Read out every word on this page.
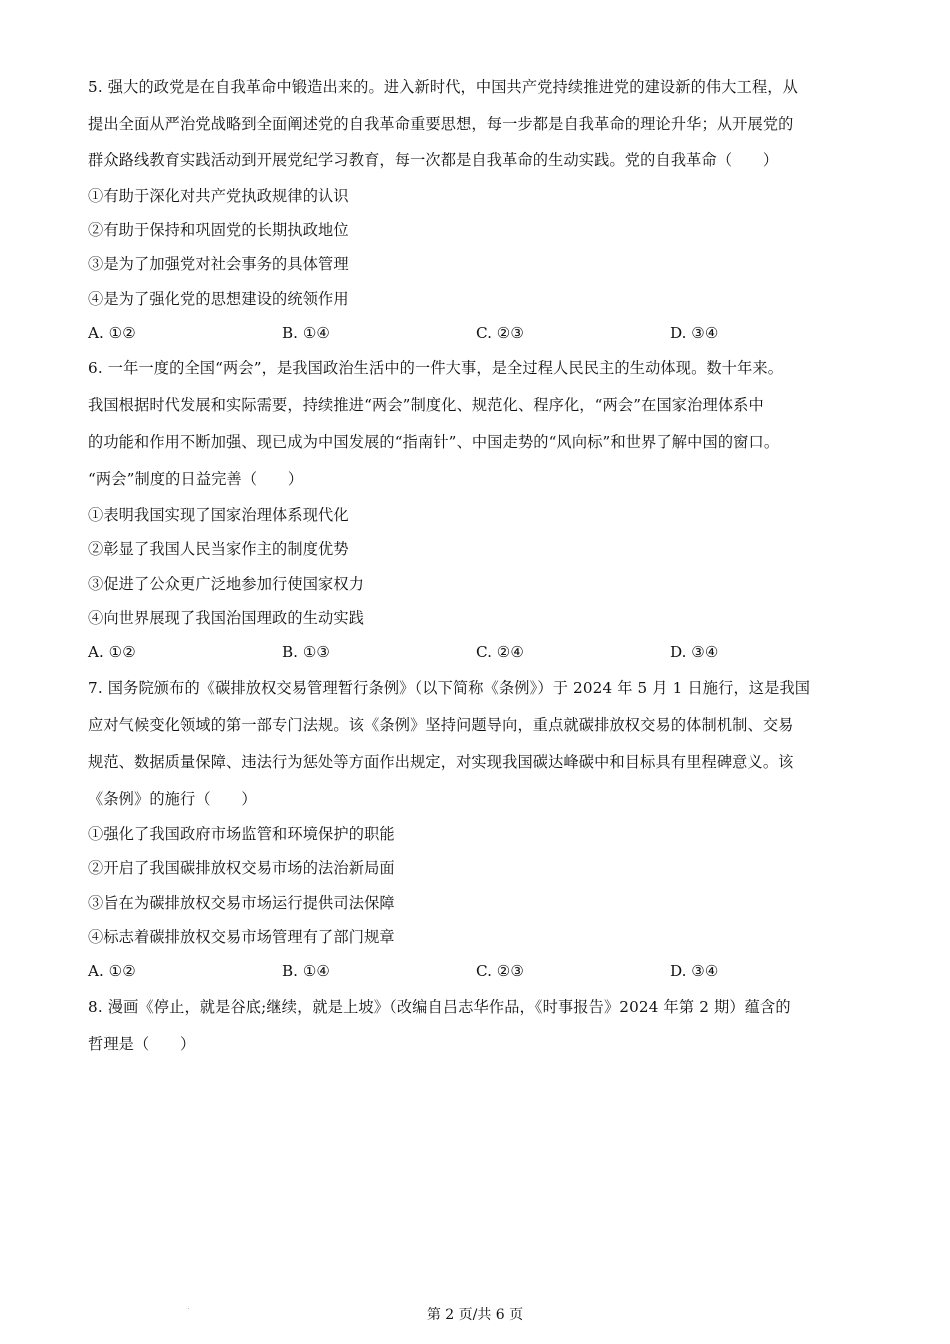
5. 强大的政党是在自我革命中锻造出来的。进入新时代，中国共产党持续推进党的建设新的伟大工程，从
提出全面从严治党战略到全面阐述党的自我革命重要思想，每一步都是自我革命的理论升华；从开展党的
群众路线教育实践活动到开展党纪学习教育，每一次都是自我革命的生动实践。党的自我革命（　　）
①有助于深化对共产党执政规律的认识
②有助于保持和巩固党的长期执政地位
③是为了加强党对社会事务的具体管理
④是为了强化党的思想建设的统领作用
A. ①②	B. ①④	C. ②③	D. ③④
6. 一年一度的全国“两会”，是我国政治生活中的一件大事，是全过程人民民主的生动体现。数十年来。
我国根据时代发展和实际需要，持续推进“两会”制度化、规范化、程序化，“两会”在国家治理体系中
的功能和作用不断加强、现已成为中国发展的“指南针”、中国走势的“风向标”和世界了解中国的窗口。
“两会”制度的日益完善（　　）
①表明我国实现了国家治理体系现代化
②彰显了我国人民当家作主的制度优势
③促进了公众更广泛地参加行使国家权力
④向世界展现了我国治国理政的生动实践
A. ①②	B. ①③	C. ②④	D. ③④
7. 国务院颁布的《碳排放权交易管理暂行条例》（以下简称《条例》）于 2024 年 5 月 1 日施行，这是我国
应对气候变化领域的第一部专门法规。该《条例》坚持问题导向，重点就碳排放权交易的体制机制、交易
规范、数据质量保障、违法行为惩处等方面作出规定，对实现我国碳达峰碳中和目标具有里程碑意义。该
《条例》的施行（　　）
①强化了我国政府市场监管和环境保护的职能
②开启了我国碳排放权交易市场的法治新局面
③旨在为碳排放权交易市场运行提供司法保障
④标志着碳排放权交易市场管理有了部门规章
A. ①②	B. ①④	C. ②③	D. ③④
8. 漫画《停止，就是谷底;继续，就是上坡》（改编自吕志华作品，《时事报告》2024 年第 2 期）蕴含的
哲理是（　　）
第 2 页/共 6 页
